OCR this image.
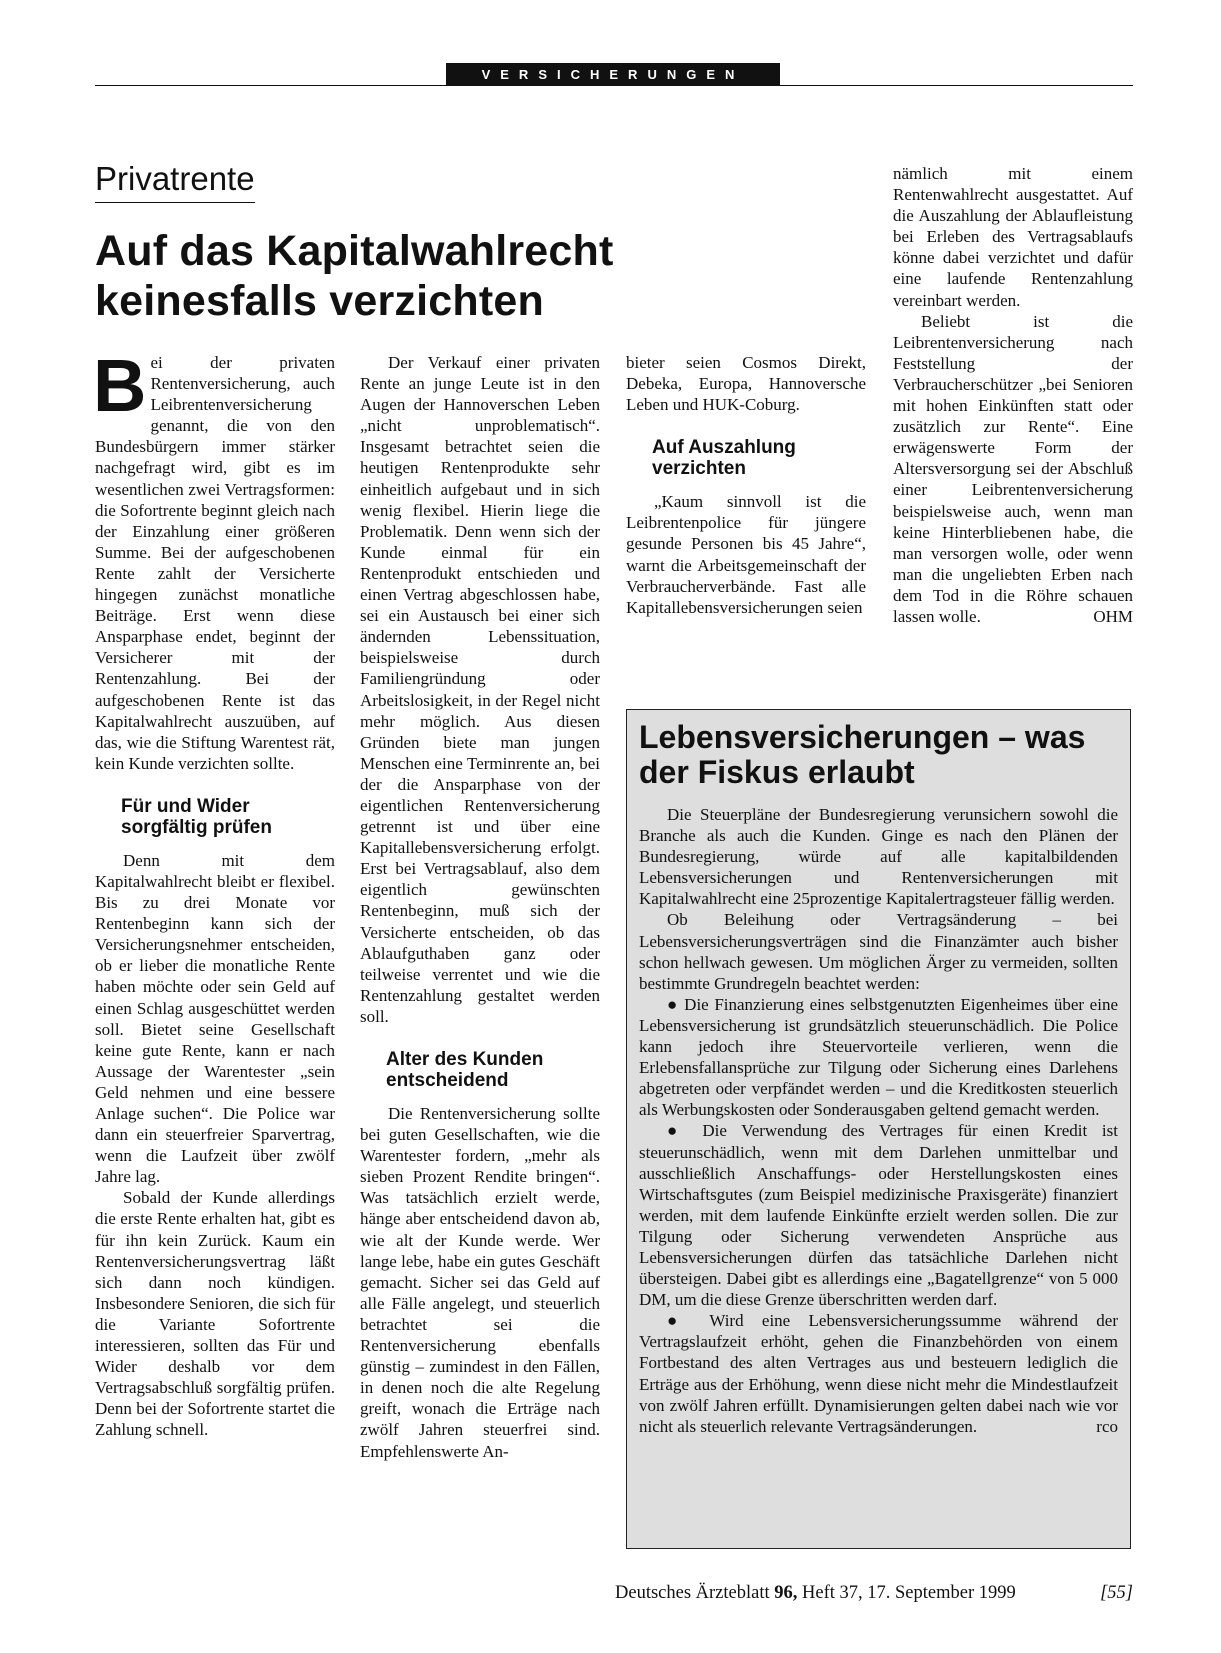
VERSICHERUNGEN
Privatrente
Auf das Kapitalwahlrecht keinesfalls verzichten

Bei der privaten Rentenversicherung, auch Leibrentenversicherung genannt, die von den Bundesbürgern immer stärker nachgefragt wird, gibt es im wesentlichen zwei Vertragsformen: die Sofortrente beginnt gleich nach der Einzahlung einer größeren Summe. Bei der aufgeschobenen Rente zahlt der Versicherte hingegen zunächst monatliche Beiträge. Erst wenn diese Ansparphase endet, beginnt der Versicherer mit der Rentenzahlung. Bei der aufgeschobenen Rente ist das Kapitalwahlrecht auszuüben, auf das, wie die Stiftung Warentest rät, kein Kunde verzichten sollte.

Für und Wider sorgfältig prüfen

Denn mit dem Kapitalwahlrecht bleibt er flexibel. Bis zu drei Monate vor Rentenbeginn kann sich der Versicherungsnehmer entscheiden, ob er lieber die monatliche Rente haben möchte oder sein Geld auf einen Schlag ausgeschüttet werden soll. Bietet seine Gesellschaft keine gute Rente, kann er nach Aussage der Warentester „sein Geld nehmen und eine bessere Anlage suchen“. Die Police war dann ein steuerfreier Sparvertrag, wenn die Laufzeit über zwölf Jahre lag.

Sobald der Kunde allerdings die erste Rente erhalten hat, gibt es für ihn kein Zurück. Kaum ein Rentenversicherungsvertrag läßt sich dann noch kündigen. Insbesondere Senioren, die sich für die Variante Sofortrente interessieren, sollten das Für und Wider deshalb vor dem Vertragsabschluß sorgfältig prüfen. Denn bei der Sofortrente startet die Zahlung schnell.

Der Verkauf einer privaten Rente an junge Leute ist in den Augen der Hannoverschen Leben „nicht unproblematisch“. Insgesamt betrachtet seien die heutigen Rentenprodukte sehr einheitlich aufgebaut und in sich wenig flexibel. Hierin liege die Problematik. Denn wenn sich der Kunde einmal für ein Rentenprodukt entschieden und einen Vertrag abgeschlossen habe, sei ein Austausch bei einer sich ändernden Lebenssituation, beispielsweise durch Familiengründung oder Arbeitslosigkeit, in der Regel nicht mehr möglich. Aus diesen Gründen biete man jungen Menschen eine Terminrente an, bei der die Ansparphase von der eigentlichen Rentenversicherung getrennt ist und über eine Kapitallebensversicherung erfolgt. Erst bei Vertragsablauf, also dem eigentlich gewünschten Rentenbeginn, muß sich der Versicherte entscheiden, ob das Ablaufguthaben ganz oder teilweise verrentet und wie die Rentenzahlung gestaltet werden soll.

Alter des Kunden entscheidend

Die Rentenversicherung sollte bei guten Gesellschaften, wie die Warentester fordern, „mehr als sieben Prozent Rendite bringen“. Was tatsächlich erzielt werde, hänge aber entscheidend davon ab, wie alt der Kunde werde. Wer lange lebe, habe ein gutes Geschäft gemacht. Sicher sei das Geld auf alle Fälle angelegt, und steuerlich betrachtet sei die Rentenversicherung ebenfalls günstig – zumindest in den Fällen, in denen noch die alte Regelung greift, wonach die Erträge nach zwölf Jahren steuerfrei sind. Empfehlenswerte An-

bieter seien Cosmos Direkt, Debeka, Europa, Hannoversche Leben und HUK-Coburg.

Auf Auszahlung verzichten

„Kaum sinnvoll ist die Leibrentenpolice für jüngere gesunde Personen bis 45 Jahre“, warnt die Arbeitsgemeinschaft der Verbraucherverbände. Fast alle Kapitallebensversicherungen seien

nämlich mit einem Rentenwahlrecht ausgestattet. Auf die Auszahlung der Ablaufleistung bei Erleben des Vertragsablaufs könne dabei verzichtet und dafür eine laufende Rentenzahlung vereinbart werden.

Beliebt ist die Leibrentenversicherung nach Feststellung der Verbraucherschützer „bei Senioren mit hohen Einkünften statt oder zusätzlich zur Rente“. Eine erwägenswerte Form der Altersversorgung sei der Abschluß einer Leibrentenversicherung beispielsweise auch, wenn man keine Hinterbliebenen habe, die man versorgen wolle, oder wenn man die ungeliebten Erben nach dem Tod in die Röhre schauen lassen wolle.	OHM

Lebensversicherungen – was der Fiskus erlaubt

Die Steuerpläne der Bundesregierung verunsichern sowohl die Branche als auch die Kunden. Ginge es nach den Plänen der Bundesregierung, würde auf alle kapitalbildenden Lebensversicherungen und Rentenversicherungen mit Kapitalwahlrecht eine 25prozentige Kapitalertragsteuer fällig werden.

Ob Beleihung oder Vertragsänderung – bei Lebensversicherungsverträgen sind die Finanzämter auch bisher schon hellwach gewesen. Um möglichen Ärger zu vermeiden, sollten bestimmte Grundregeln beachtet werden:

● Die Finanzierung eines selbstgenutzten Eigenheimes über eine Lebensversicherung ist grundsätzlich steuerunschädlich. Die Police kann jedoch ihre Steuervorteile verlieren, wenn die Erlebensfallansprüche zur Tilgung oder Sicherung eines Darlehens abgetreten oder verpfändet werden – und die Kreditkosten steuerlich als Werbungskosten oder Sonderausgaben geltend gemacht werden.

● Die Verwendung des Vertrages für einen Kredit ist steuerunschädlich, wenn mit dem Darlehen unmittelbar und ausschließlich Anschaffungs- oder Herstellungskosten eines Wirtschaftsgutes (zum Beispiel medizinische Praxisgeräte) finanziert werden, mit dem laufende Einkünfte erzielt werden sollen. Die zur Tilgung oder Sicherung verwendeten Ansprüche aus Lebensversicherungen dürfen das tatsächliche Darlehen nicht übersteigen. Dabei gibt es allerdings eine „Bagatellgrenze“ von 5 000 DM, um die diese Grenze überschritten werden darf.

● Wird eine Lebensversicherungssumme während der Vertragslaufzeit erhöht, gehen die Finanzbehörden von einem Fortbestand des alten Vertrages aus und besteuern lediglich die Erträge aus der Erhöhung, wenn diese nicht mehr die Mindestlaufzeit von zwölf Jahren erfüllt. Dynamisierungen gelten dabei nach wie vor nicht als steuerlich relevante Vertragsänderungen.	rco

Deutsches Ärzteblatt 96, Heft 37, 17. September 1999	[55]
